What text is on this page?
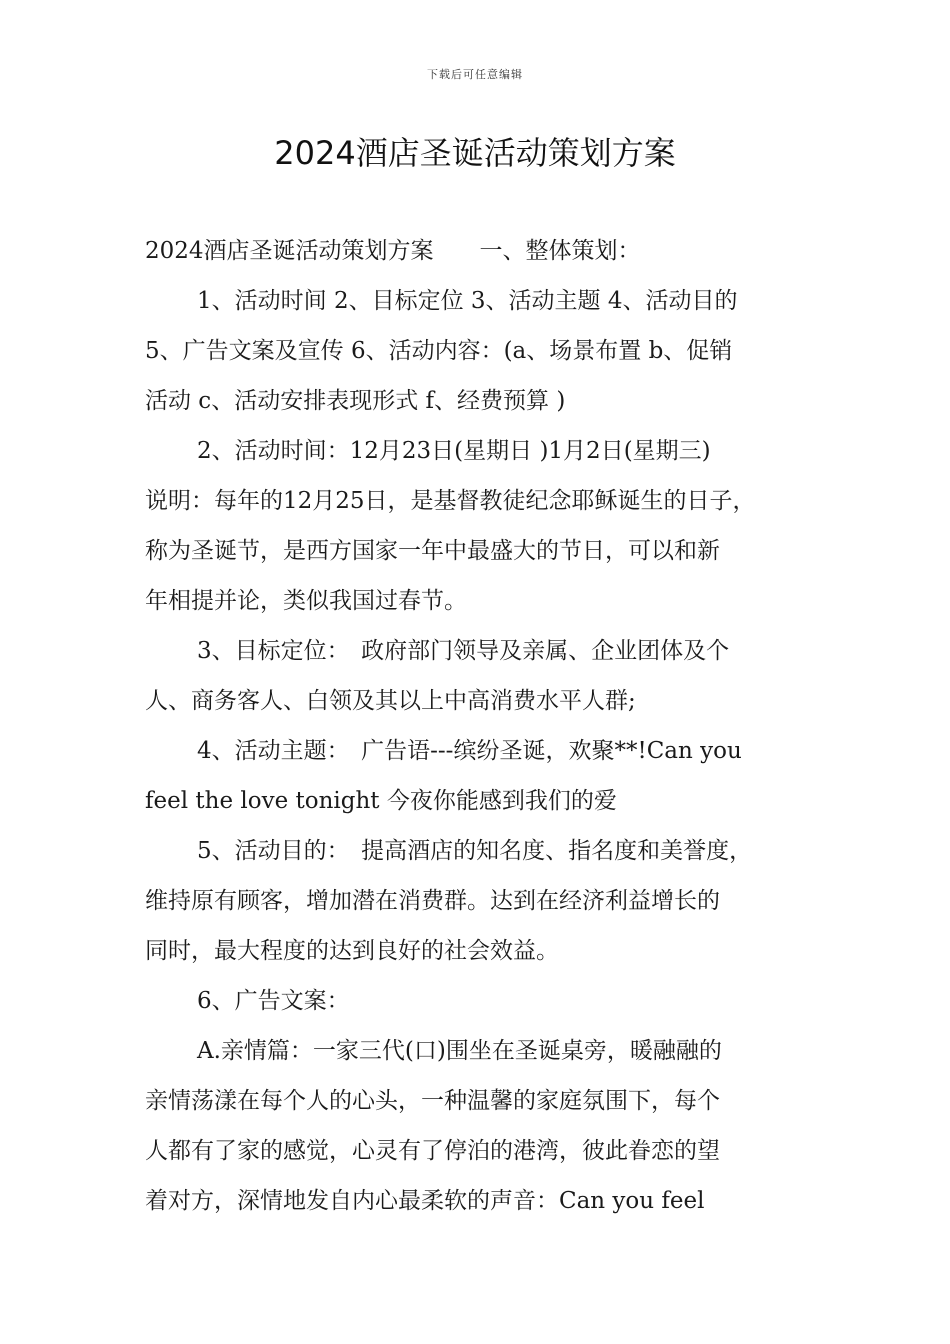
下载后可任意编辑
2024酒店圣诞活动策划方案

2024酒店圣诞活动策划方案　　一、整体策划：

1、活动时间 2、目标定位 3、活动主题 4、活动目的

5、广告文案及宣传 6、活动内容：(a、场景布置 b、促销

活动 c、活动安排表现形式 f、经费预算 )

2、活动时间：12月23日(星期日 )1月2日(星期三)

说明：每年的12月25日，是基督教徒纪念耶稣诞生的日子，

称为圣诞节，是西方国家一年中最盛大的节日，可以和新

年相提并论，类似我国过春节。

3、目标定位：　政府部门领导及亲属、企业团体及个

人、商务客人、白领及其以上中高消费水平人群;

4、活动主题：　广告语---缤纷圣诞，欢聚**!Can you

feel the love tonight 今夜你能感到我们的爱

5、活动目的：　提高酒店的知名度、指名度和美誉度，

维持原有顾客，增加潜在消费群。达到在经济利益增长的

同时，最大程度的达到良好的社会效益。

6、广告文案：

A.亲情篇：一家三代(口)围坐在圣诞桌旁，暖融融的

亲情荡漾在每个人的心头，一种温馨的家庭氛围下，每个

人都有了家的感觉，心灵有了停泊的港湾，彼此眷恋的望

着对方，深情地发自内心最柔软的声音：Can you feel
